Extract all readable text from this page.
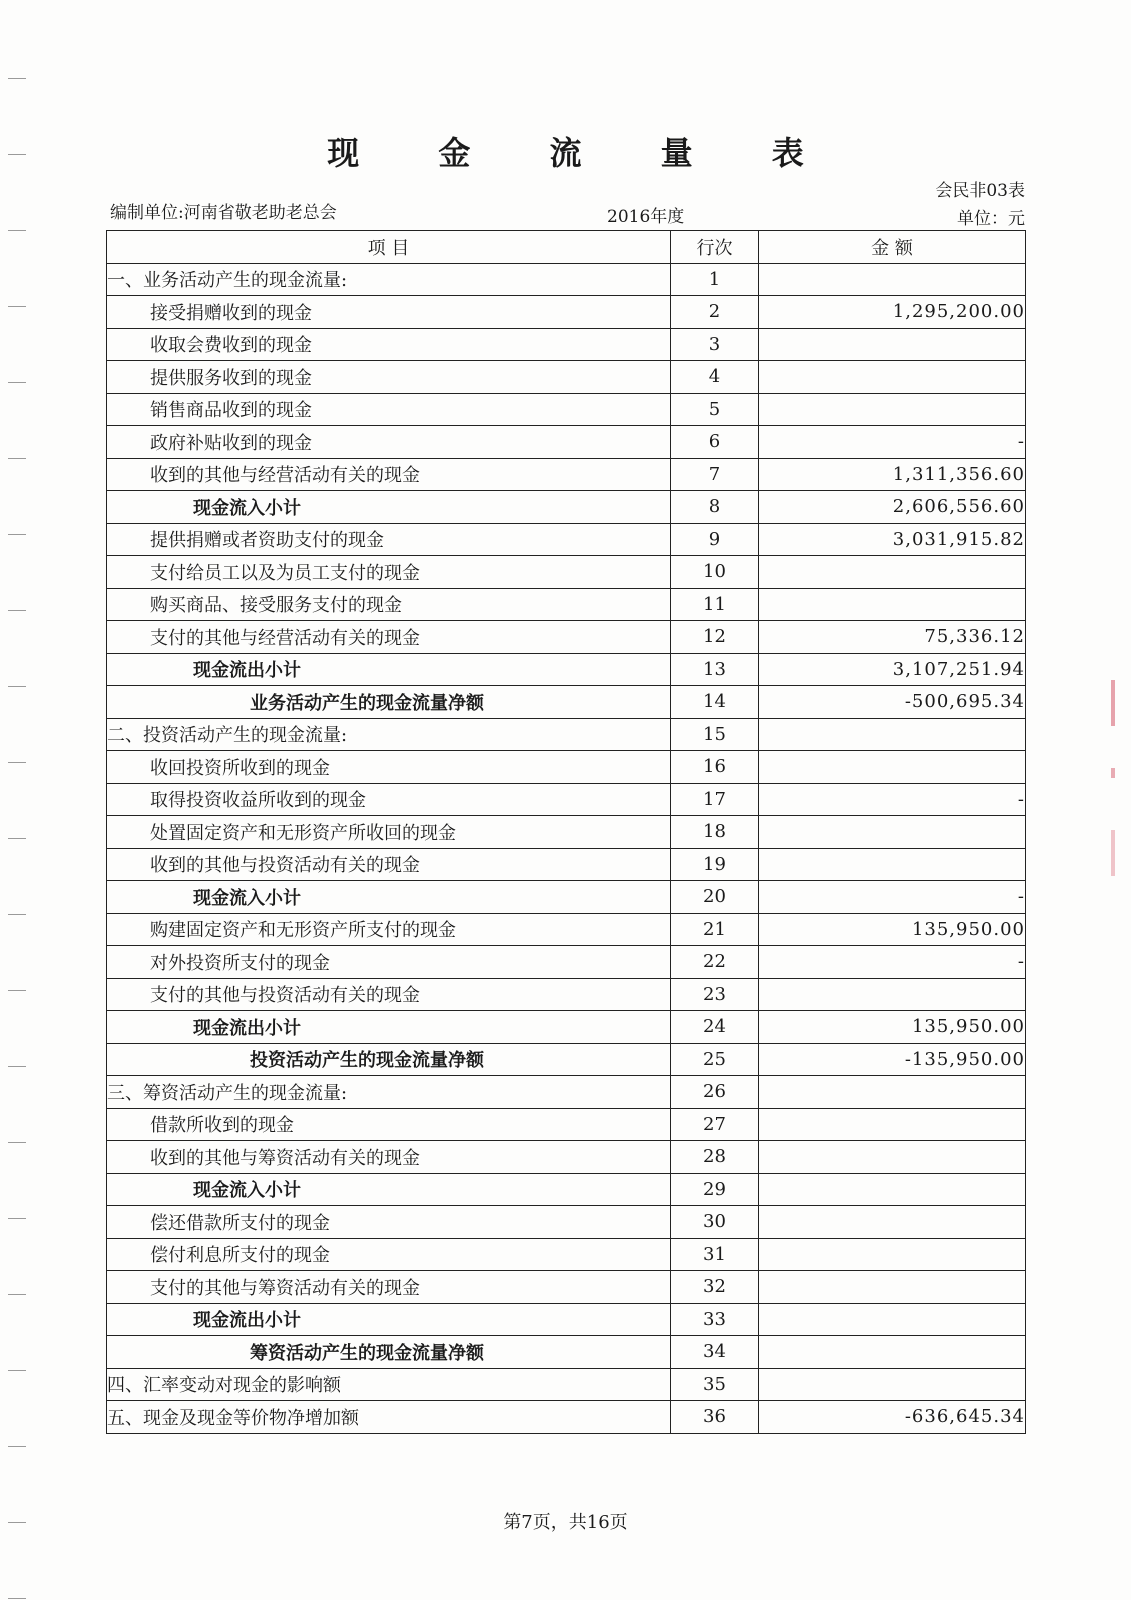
现 金 流 量 表
会民非03表
编制单位:河南省敬老助老总会	2016年度	单位：元
项 目	行次	金 额
一、业务活动产生的现金流量:	1	
接受捐赠收到的现金	2	1,295,200.00
收取会费收到的现金	3	
提供服务收到的现金	4	
销售商品收到的现金	5	
政府补贴收到的现金	6	-
收到的其他与经营活动有关的现金	7	1,311,356.60
现金流入小计	8	2,606,556.60
提供捐赠或者资助支付的现金	9	3,031,915.82
支付给员工以及为员工支付的现金	10	
购买商品、接受服务支付的现金	11	
支付的其他与经营活动有关的现金	12	75,336.12
现金流出小计	13	3,107,251.94
业务活动产生的现金流量净额	14	-500,695.34
二、投资活动产生的现金流量:	15	
收回投资所收到的现金	16	
取得投资收益所收到的现金	17	-
处置固定资产和无形资产所收回的现金	18	
收到的其他与投资活动有关的现金	19	
现金流入小计	20	-
购建固定资产和无形资产所支付的现金	21	135,950.00
对外投资所支付的现金	22	-
支付的其他与投资活动有关的现金	23	
现金流出小计	24	135,950.00
投资活动产生的现金流量净额	25	-135,950.00
三、筹资活动产生的现金流量:	26	
借款所收到的现金	27	
收到的其他与筹资活动有关的现金	28	
现金流入小计	29	
偿还借款所支付的现金	30	
偿付利息所支付的现金	31	
支付的其他与筹资活动有关的现金	32	
现金流出小计	33	
筹资活动产生的现金流量净额	34	
四、汇率变动对现金的影响额	35	
五、现金及现金等价物净增加额	36	-636,645.34
第7页，共16页
